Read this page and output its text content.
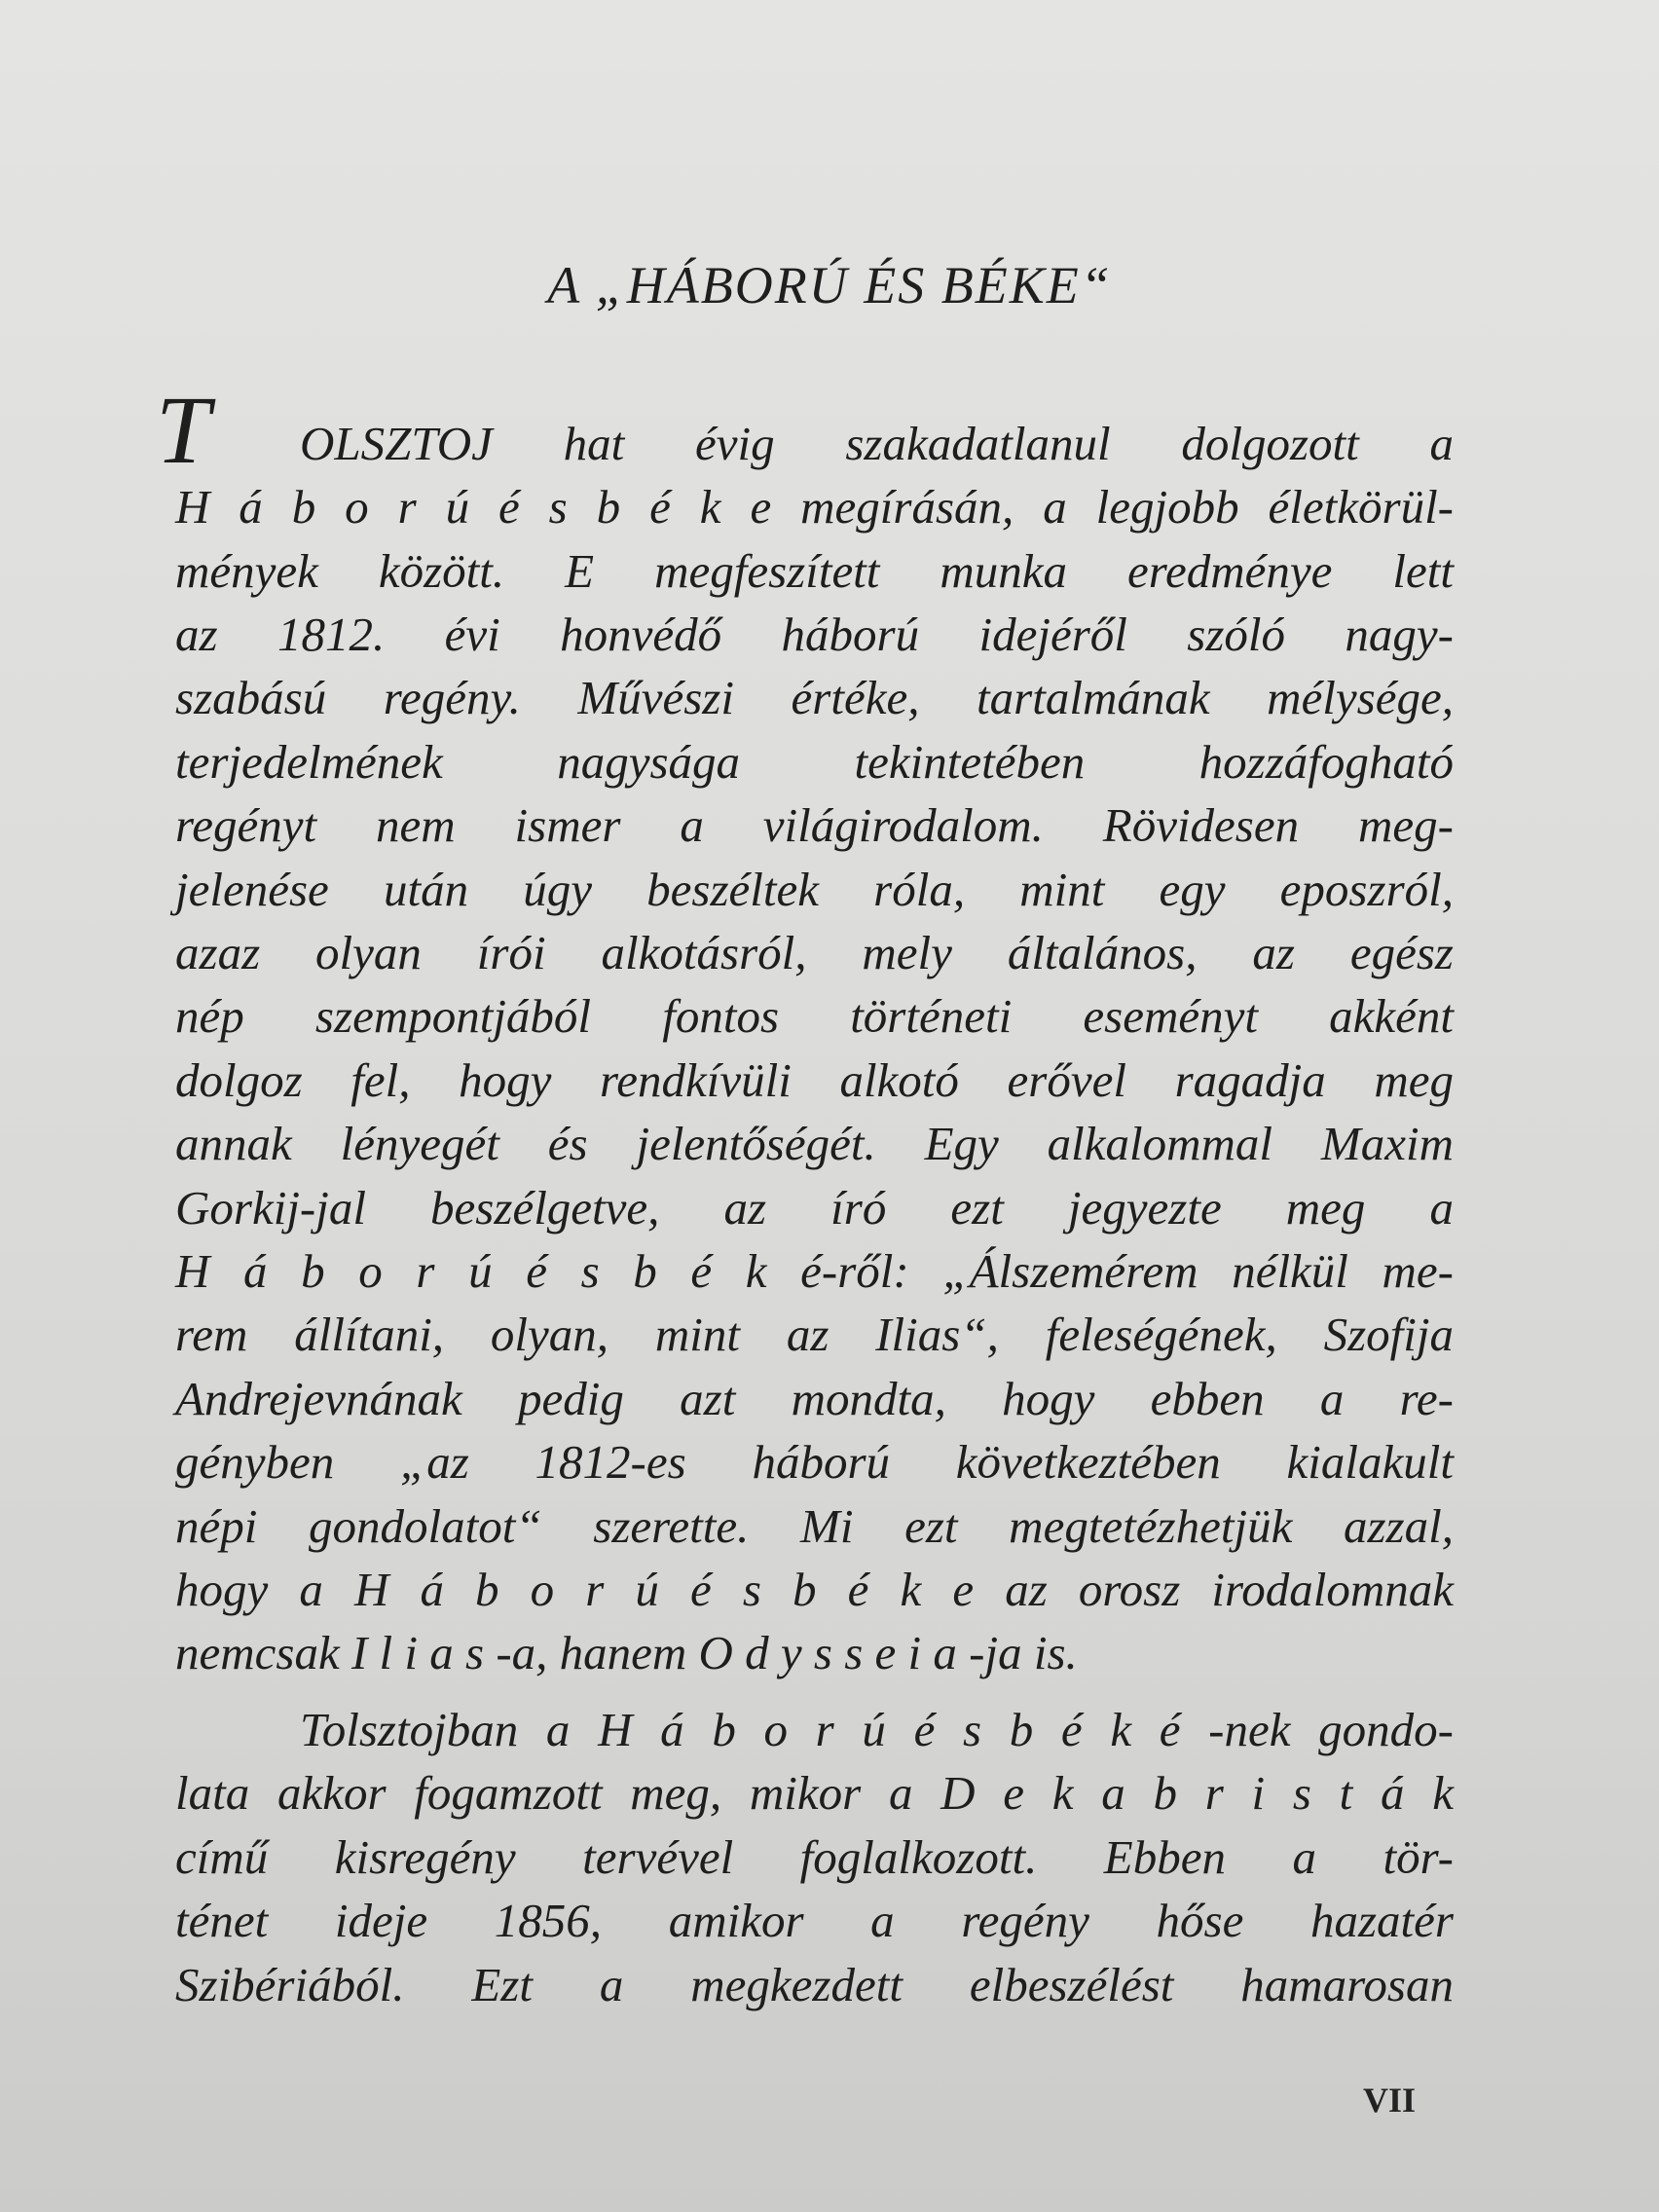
A „HÁBORÚ ÉS BÉKE“
T OLSZTOJ hat évig szakadatlanul dolgozott a
H á b o r ú é s b é k e megírásán, a legjobb életkörül-
mények között. E megfeszített munka eredménye lett
az 1812. évi honvédő háború idejéről szóló nagy-
szabású regény. Művészi értéke, tartalmának mélysége,
terjedelmének nagysága tekintetében hozzáfogható
regényt nem ismer a világirodalom. Rövidesen meg-
jelenése után úgy beszéltek róla, mint egy eposzról,
azaz olyan írói alkotásról, mely általános, az egész
nép szempontjából fontos történeti eseményt akként
dolgoz fel, hogy rendkívüli alkotó erővel ragadja meg
annak lényegét és jelentőségét. Egy alkalommal Maxim
Gorkij-jal beszélgetve, az író ezt jegyezte meg a
H á b o r ú é s b é k é-ről: „Álszemérem nélkül me-
rem állítani, olyan, mint az Ilias“, feleségének, Szofija
Andrejevnának pedig azt mondta, hogy ebben a re-
gényben „az 1812-es háború következtében kialakult
népi gondolatot“ szerette. Mi ezt megtetézhetjük azzal,
hogy a H á b o r ú é s b é k e az orosz irodalomnak
nemcsak I l i a s -a, hanem O d y s s e i a -ja is.
Tolsztojban a H á b o r ú é s b é k é -nek gondo-
lata akkor fogamzott meg, mikor a D e k a b r i s t á k
című kisregény tervével foglalkozott. Ebben a tör-
ténet ideje 1856, amikor a regény hőse hazatér
Szibériából. Ezt a megkezdett elbeszélést hamarosan
VII
